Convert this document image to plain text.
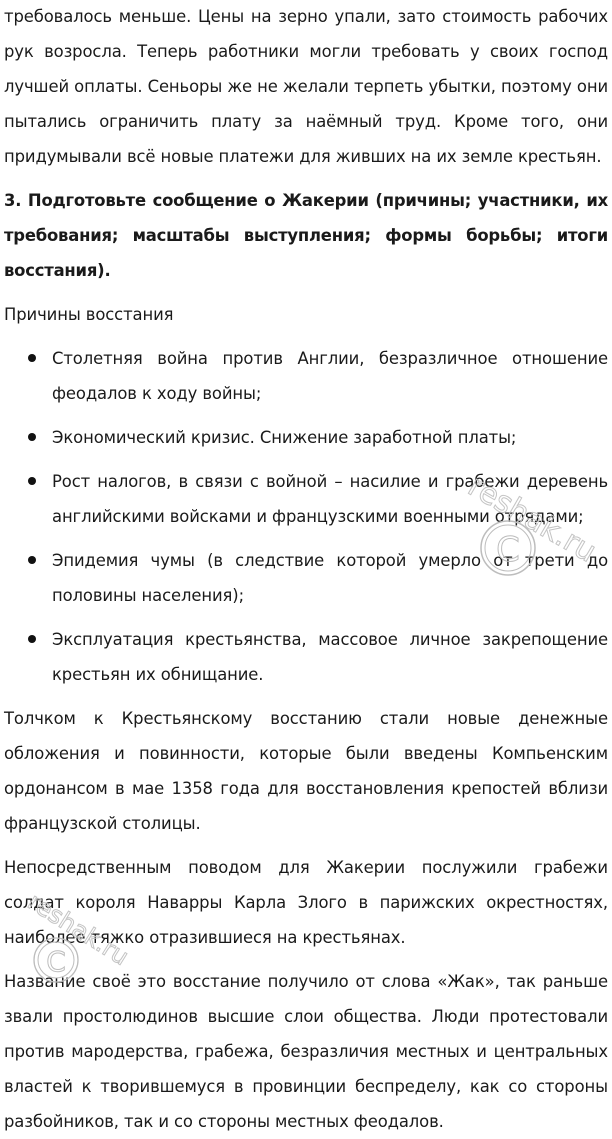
требовалось меньше. Цены на зерно упали, зато стоимость рабочих рук возросла. Теперь работники могли требовать у своих господ лучшей оплаты. Сеньоры же не желали терпеть убытки, поэтому они пытались ограничить плату за наёмный труд. Кроме того, они придумывали всё новые платежи для живших на их земле крестьян.

3. Подготовьте сообщение о Жакерии (причины; участники, их требования; масштабы выступления; формы борьбы; итоги восстания).

Причины восстания

Столетняя война против Англии, безразличное отношение феодалов к ходу войны;
Экономический кризис. Снижение заработной платы;
Рост налогов, в связи с войной – насилие и грабежи деревень английскими войсками и французскими военными отрядами;
Эпидемия чумы (в следствие которой умерло от трети до половины населения);
Эксплуатация крестьянства, массовое личное закрепощение крестьян их обнищание.

Толчком к Крестьянскому восстанию стали новые денежные обложения и повинности, которые были введены Компьенским ордонансом в мае 1358 года для восстановления крепостей вблизи французской столицы.

Непосредственным поводом для Жакерии послужили грабежи солдат короля Наварры Карла Злого в парижских окрестностях, наиболее тяжко отразившиеся на крестьянах.

Название своё это восстание получило от слова «Жак», так раньше звали простолюдинов высшие слои общества. Люди протестовали против мародерства, грабежа, безразличия местных и центральных властей к творившемуся в провинции беспределу, как со стороны разбойников, так и со стороны местных феодалов.
